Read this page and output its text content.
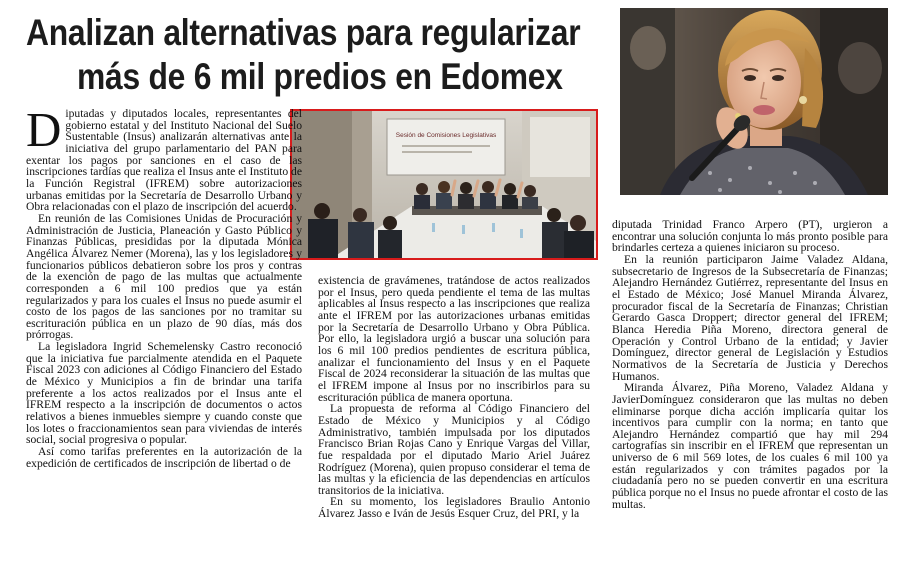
Analizan alternativas para regularizar
más de 6 mil predios en Edomex
Sesión de Comisiones Legislativas

Diputadas y diputados locales, representantes del gobierno estatal y del Instituto Nacional del Suelo Sustentable (Insus) analizarán alternativas ante la iniciativa del grupo parlamentario del PAN para exentar los pagos por sanciones en el caso de las inscripciones tardías que realiza el Insus ante el Instituto de la Función Registral (IFREM) sobre autorizaciones urbanas emitidas por la Secretaría de Desarrollo Urbano y Obra relacionadas con el plazo de inscripción del acuerdo.

En reunión de las Comisiones Unidas de Procuración y Administración de Justicia, Planeación y Gasto Público y Finanzas Públicas, presididas por la diputada Mónica Angélica Álvarez Nemer (Morena), las y los legisladores y funcionarios públicos debatieron sobre los pros y contras de la exención de pago de las multas que actualmente corresponden a 6 mil 100 predios que ya están regularizados y para los cuales el Insus no puede asumir el costo de los pagos de las sanciones por no tramitar su escrituración pública en un plazo de 90 días, más dos prórrogas.

La legisladora Ingrid Schemelensky Castro reconoció que la iniciativa fue parcialmente atendida en el Paquete Fiscal 2023 con adiciones al Código Financiero del Estado de México y Municipios a fin de brindar una tarifa preferente a los actos realizados por el Insus ante el IFREM respecto a la inscripción de documentos o actos relativos a bienes inmuebles siempre y cuando conste que los lotes o fraccionamientos sean para viviendas de interés social, social progresiva o popular.

Así como tarifas preferentes en la autorización de la expedición de certificados de inscripción de libertad o de

existencia de gravámenes, tratándose de actos realizados por el Insus, pero queda pendiente el tema de las multas aplicables al Insus respecto a las inscripciones que realiza ante el IFREM por las autorizaciones urbanas emitidas por la Secretaría de Desarrollo Urbano y Obra Pública. Por ello, la legisladora urgió a buscar una solución para los 6 mil 100 predios pendientes de escritura pública, analizar el funcionamiento del Insus y en el Paquete Fiscal de 2024 reconsiderar la situación de las multas que el IFREM impone al Insus por no inscribirlos para su escrituración pública de manera oportuna.

La propuesta de reforma al Código Financiero del Estado de México y Municipios y al Código Administrativo, también impulsada por los diputados Francisco Brian Rojas Cano y Enrique Vargas del Villar, fue respaldada por el diputado Mario Ariel Juárez Rodríguez (Morena), quien propuso considerar el tema de las multas y la eficiencia de las dependencias en artículos transitorios de la iniciativa.

En su momento, los legisladores Braulio Antonio Álvarez Jasso e Iván de Jesús Esquer Cruz, del PRI, y la

diputada Trinidad Franco Arpero (PT), urgieron a encontrar una solución conjunta lo más pronto posible para brindarles certeza a quienes iniciaron su proceso.

En la reunión participaron Jaime Valadez Aldana, subsecretario de Ingresos de la Subsecretaría de Finanzas; Alejandro Hernández Gutiérrez, representante del Insus en el Estado de México; José Manuel Miranda Álvarez, procurador fiscal de la Secretaría de Finanzas; Christian Gerardo Gasca Droppert; director general del IFREM; Blanca Heredia Piña Moreno, directora general de Operación y Control Urbano de la entidad; y Javier Domínguez, director general de Legislación y Estudios Normativos de la Secretaría de Justicia y Derechos Humanos.

Miranda Álvarez, Piña Moreno, Valadez Aldana y JavierDomínguez consideraron que las multas no deben eliminarse porque dicha acción implicaría quitar los incentivos para cumplir con la norma; en tanto que Alejandro Hernández compartió que hay mil 294 cartografías sin inscribir en el IFREM que representan un universo de 6 mil 569 lotes, de los cuales 6 mil 100 ya están regularizados y con trámites pagados por la ciudadanía pero no se pueden convertir en una escritura pública porque no el Insus no puede afrontar el costo de las multas.
